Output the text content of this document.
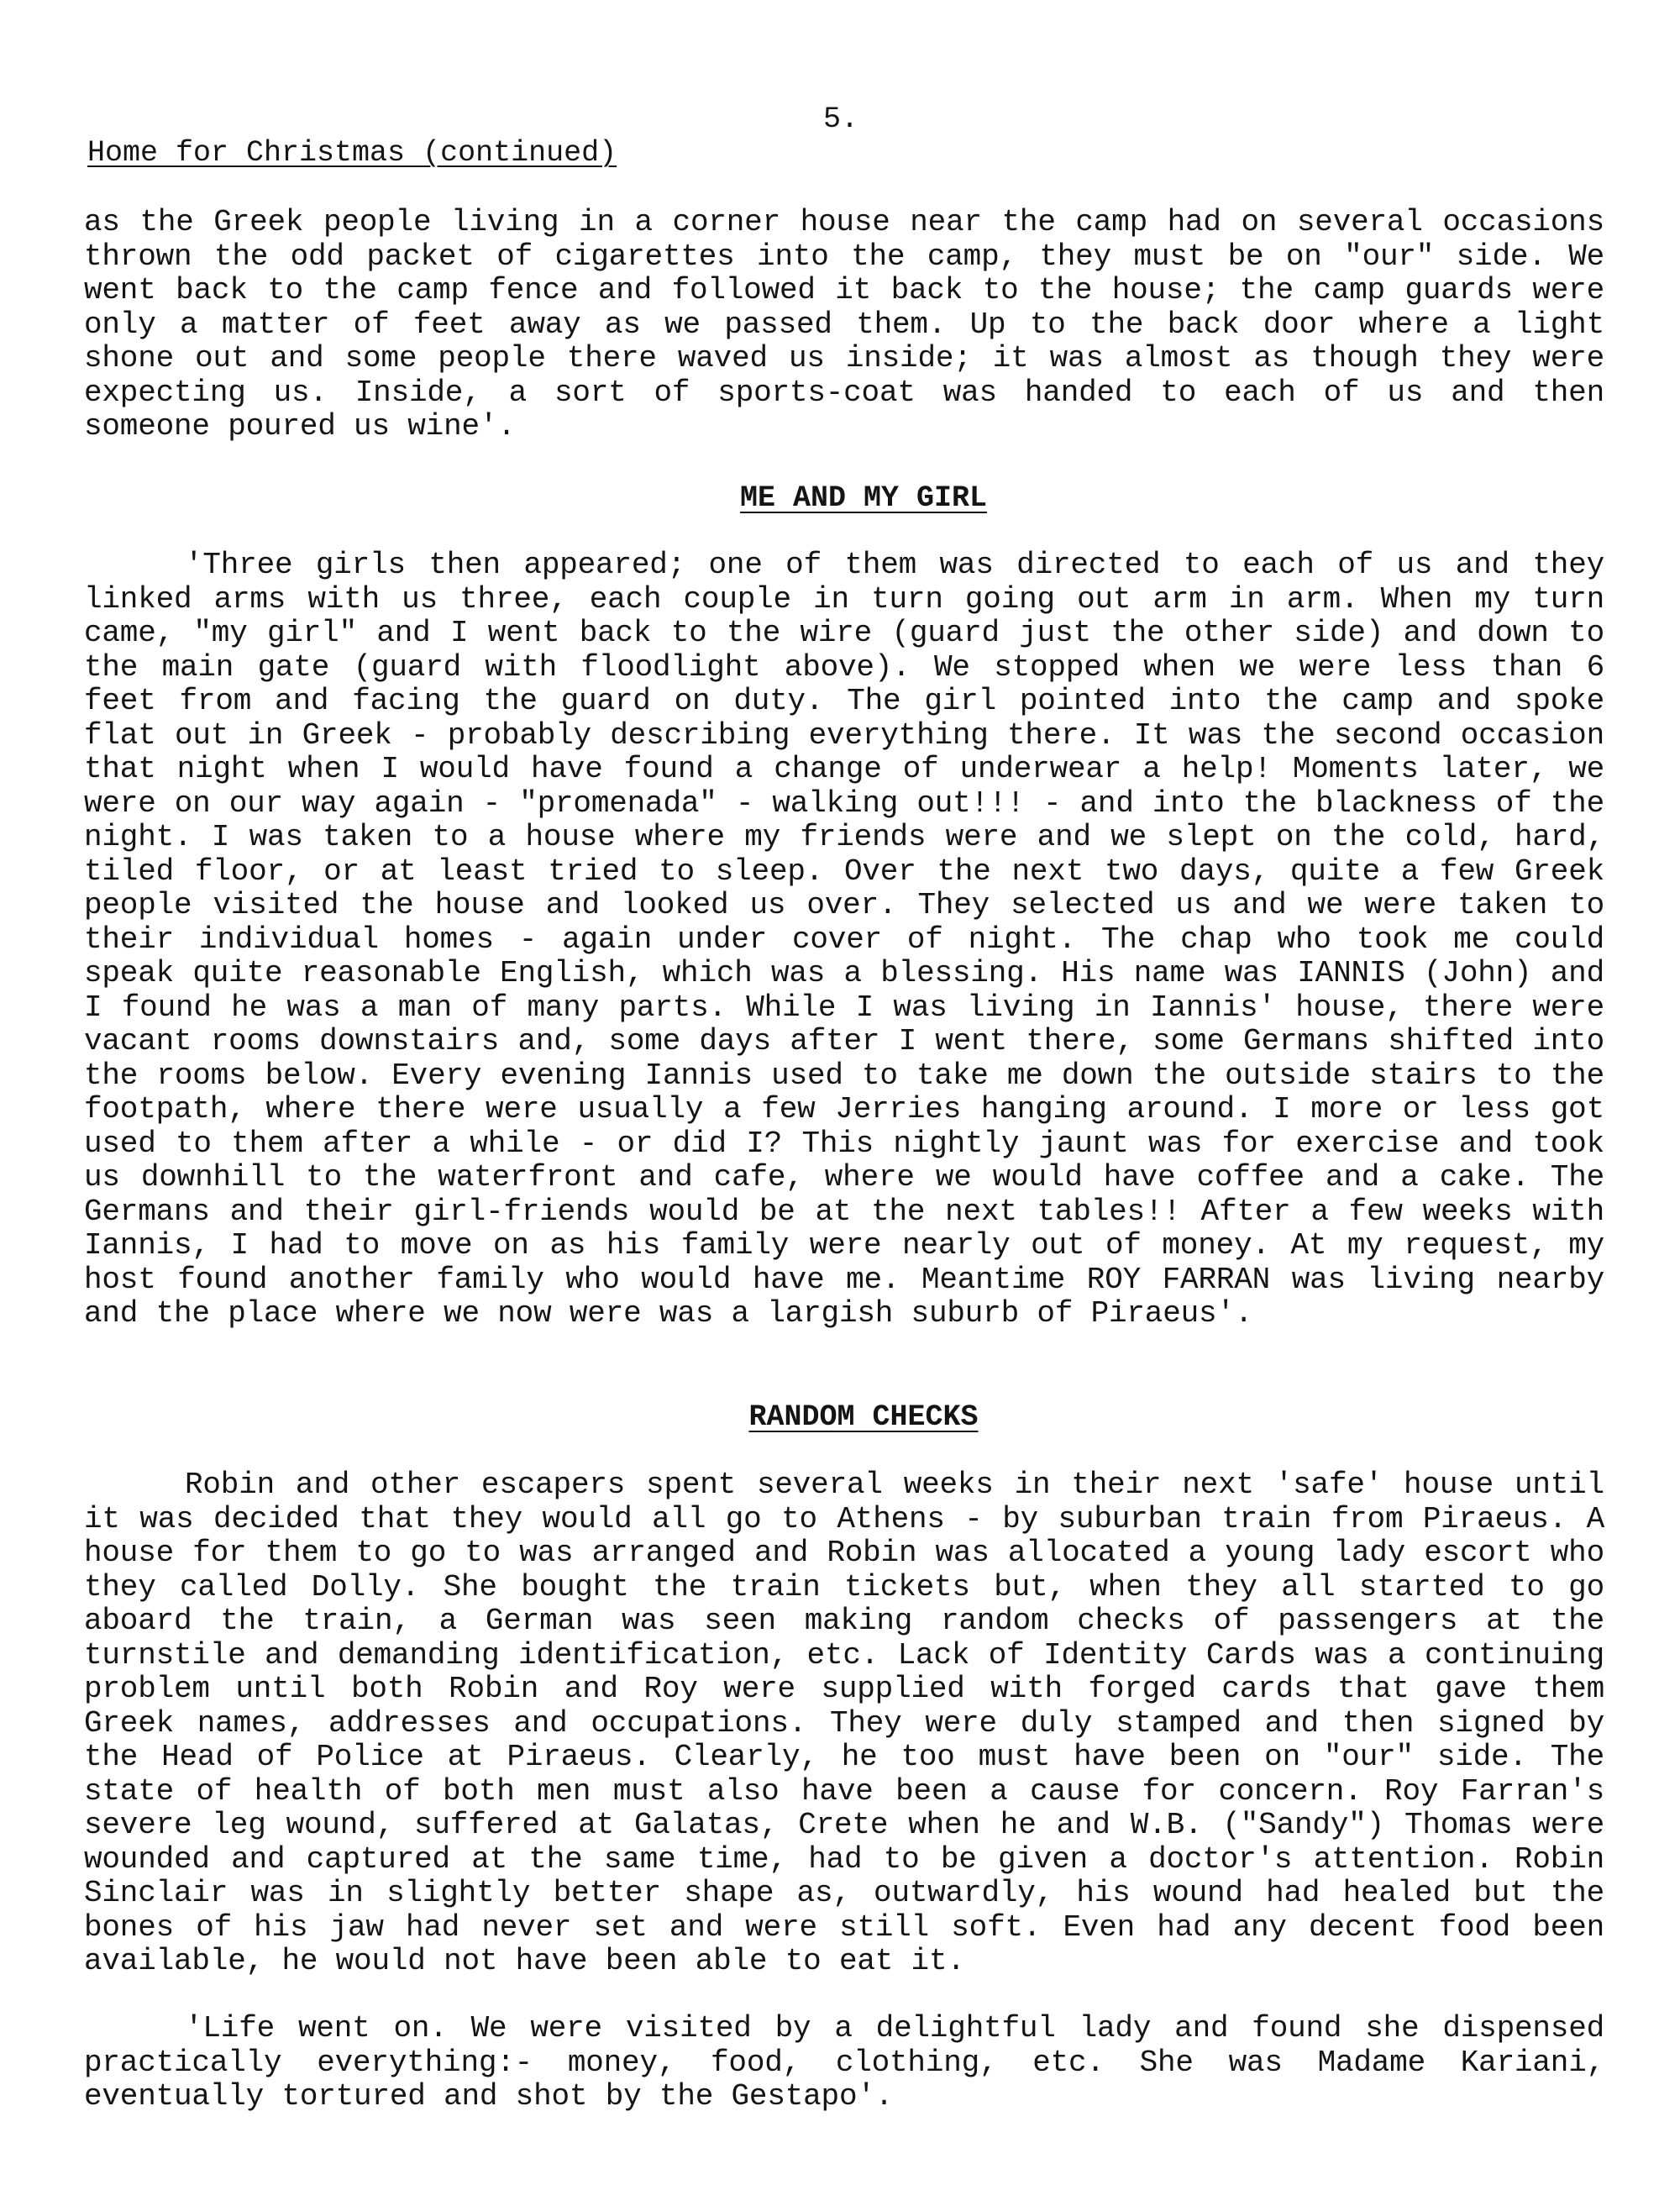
5.
Home for Christmas (continued)

as the Greek people living in a corner house near the camp had on several occasions thrown the odd packet of cigarettes into the camp, they must be on "our" side. We went back to the camp fence and followed it back to the house; the camp guards were only a matter of feet away as we passed them. Up to the back door where a light shone out and some people there waved us inside; it was almost as though they were expecting us. Inside, a sort of sports-coat was handed to each of us and then someone poured us wine'.

ME AND MY GIRL

'Three girls then appeared; one of them was directed to each of us and they linked arms with us three, each couple in turn going out arm in arm. When my turn came, "my girl" and I went back to the wire (guard just the other side) and down to the main gate (guard with floodlight above). We stopped when we were less than 6 feet from and facing the guard on duty. The girl pointed into the camp and spoke flat out in Greek - probably describing everything there. It was the second occasion that night when I would have found a change of underwear a help! Moments later, we were on our way again - "promenada" - walking out!!! - and into the blackness of the night. I was taken to a house where my friends were and we slept on the cold, hard, tiled floor, or at least tried to sleep. Over the next two days, quite a few Greek people visited the house and looked us over. They selected us and we were taken to their individual homes - again under cover of night. The chap who took me could speak quite reasonable English, which was a blessing. His name was IANNIS (John) and I found he was a man of many parts. While I was living in Iannis' house, there were vacant rooms downstairs and, some days after I went there, some Germans shifted into the rooms below. Every evening Iannis used to take me down the outside stairs to the footpath, where there were usually a few Jerries hanging around. I more or less got used to them after a while - or did I? This nightly jaunt was for exercise and took us downhill to the waterfront and cafe, where we would have coffee and a cake. The Germans and their girl-friends would be at the next tables!! After a few weeks with Iannis, I had to move on as his family were nearly out of money. At my request, my host found another family who would have me. Meantime ROY FARRAN was living nearby and the place where we now were was a largish suburb of Piraeus'.

RANDOM CHECKS

Robin and other escapers spent several weeks in their next 'safe' house until it was decided that they would all go to Athens - by suburban train from Piraeus. A house for them to go to was arranged and Robin was allocated a young lady escort who they called Dolly. She bought the train tickets but, when they all started to go aboard the train, a German was seen making random checks of passengers at the turnstile and demanding identification, etc. Lack of Identity Cards was a continuing problem until both Robin and Roy were supplied with forged cards that gave them Greek names, addresses and occupations. They were duly stamped and then signed by the Head of Police at Piraeus. Clearly, he too must have been on "our" side. The state of health of both men must also have been a cause for concern. Roy Farran's severe leg wound, suffered at Galatas, Crete when he and W.B. ("Sandy") Thomas were wounded and captured at the same time, had to be given a doctor's attention. Robin Sinclair was in slightly better shape as, outwardly, his wound had healed but the bones of his jaw had never set and were still soft. Even had any decent food been available, he would not have been able to eat it.

'Life went on. We were visited by a delightful lady and found she dispensed practically everything:- money, food, clothing, etc. She was Madame Kariani, eventually tortured and shot by the Gestapo'.
